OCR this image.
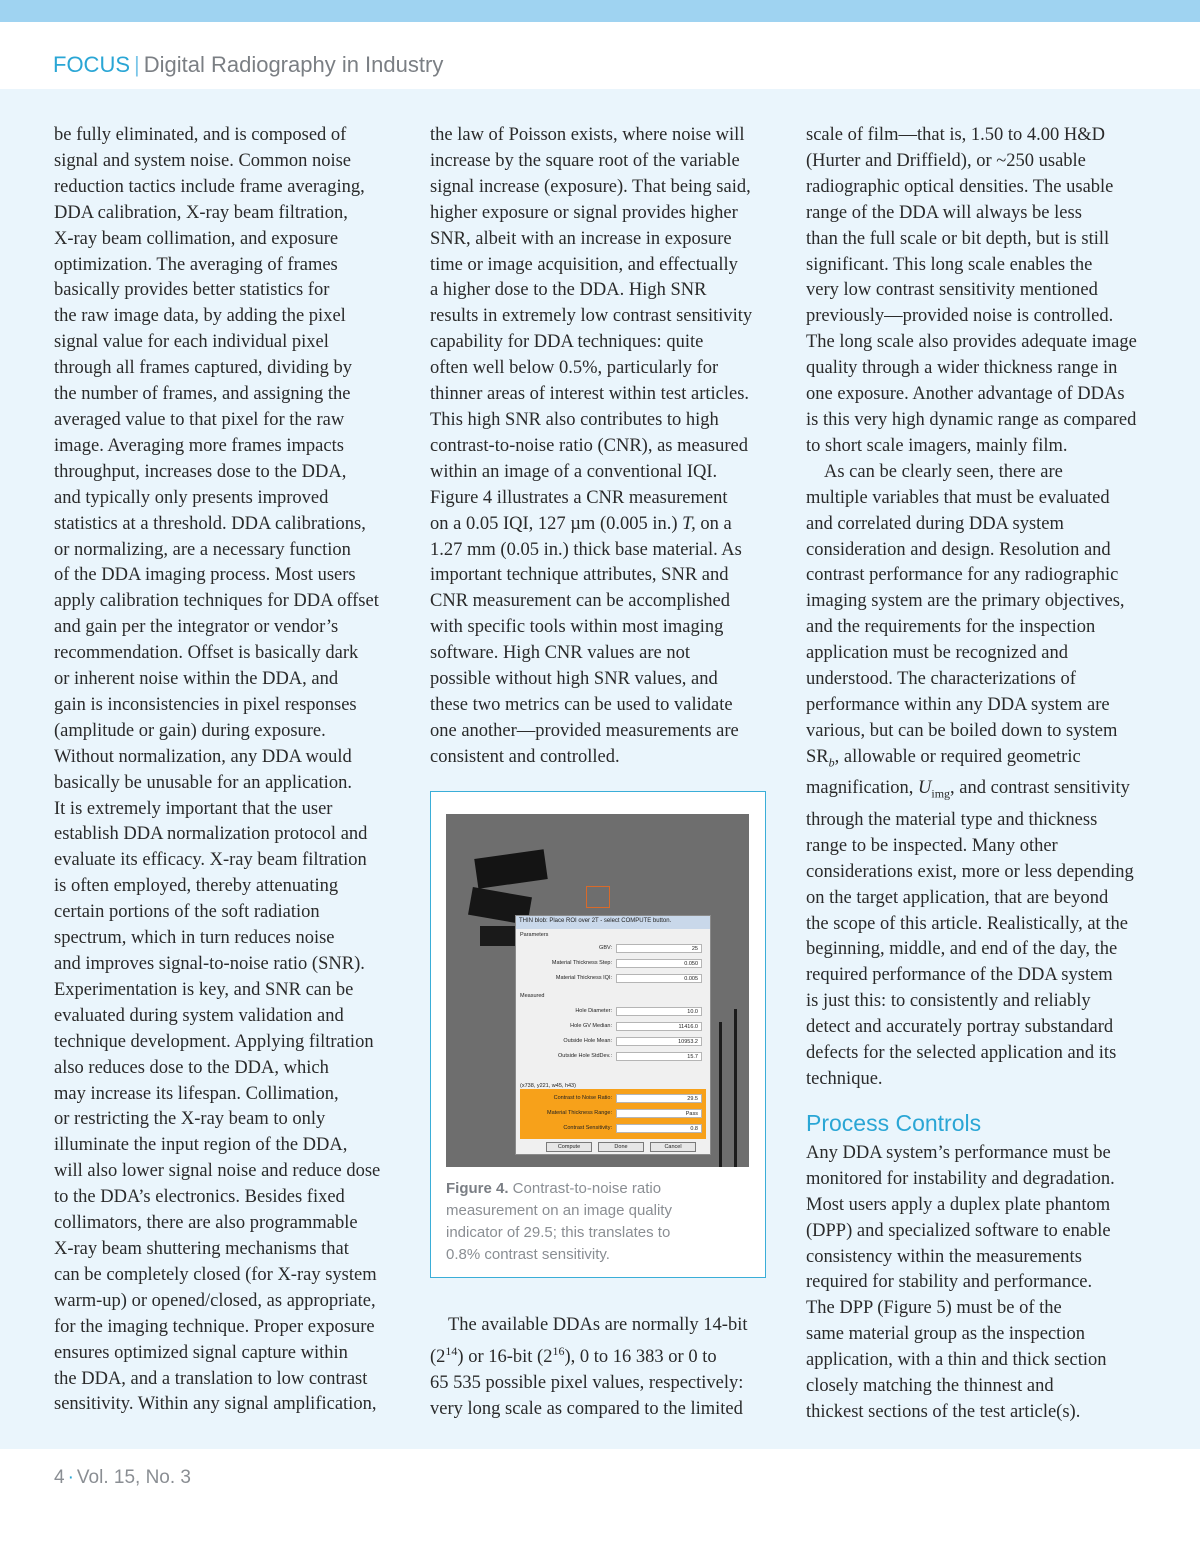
FOCUS | Digital Radiography in Industry

be fully eliminated, and is composed of

signal and system noise. Common noise

reduction tactics include frame averaging,

DDA calibration, X-ray beam filtration,

X-ray beam collimation, and exposure

optimization. The averaging of frames

basically provides better statistics for

the raw image data, by adding the pixel

signal value for each individual pixel

through all frames captured, dividing by

the number of frames, and assigning the

averaged value to that pixel for the raw

image. Averaging more frames impacts

throughput, increases dose to the DDA,

and typically only presents improved

statistics at a threshold. DDA calibrations,

or normalizing, are a necessary function

of the DDA imaging process. Most users

apply calibration techniques for DDA offset

and gain per the integrator or vendor’s

recommendation. Offset is basically dark

or inherent noise within the DDA, and

gain is inconsistencies in pixel responses

(amplitude or gain) during exposure.

Without normalization, any DDA would

basically be unusable for an application.

It is extremely important that the user

establish DDA normalization protocol and

evaluate its efficacy. X-ray beam filtration

is often employed, thereby attenuating

certain portions of the soft radiation

spectrum, which in turn reduces noise

and improves signal-to-noise ratio (SNR).

Experimentation is key, and SNR can be

evaluated during system validation and

technique development. Applying filtration

also reduces dose to the DDA, which

may increase its lifespan. Collimation,

or restricting the X-ray beam to only

illuminate the input region of the DDA,

will also lower signal noise and reduce dose

to the DDA’s electronics. Besides fixed

collimators, there are also programmable

X-ray beam shuttering mechanisms that

can be completely closed (for X-ray system

warm-up) or opened/closed, as appropriate,

for the imaging technique. Proper exposure

ensures optimized signal capture within

the DDA, and a translation to low contrast

sensitivity. Within any signal amplification,

the law of Poisson exists, where noise will

increase by the square root of the variable

signal increase (exposure). That being said,

higher exposure or signal provides higher

SNR, albeit with an increase in exposure

time or image acquisition, and effectually

a higher dose to the DDA. High SNR

results in extremely low contrast sensitivity

capability for DDA techniques: quite

often well below 0.5%, particularly for

thinner areas of interest within test articles.

This high SNR also contributes to high

contrast-to-noise ratio (CNR), as measured

within an image of a conventional IQI.

Figure 4 illustrates a CNR measurement

on a 0.05 IQI, 127 µm (0.005 in.) T, on a

1.27 mm (0.05 in.) thick base material. As

important technique attributes, SNR and

CNR measurement can be accomplished

with specific tools within most imaging

software. High CNR values are not

possible without high SNR values, and

these two metrics can be used to validate

one another—provided measurements are

consistent and controlled.

The available DDAs are normally 14-bit

$(2^{14})$ or 16-bit $(2^{16})$, 0 to 16 383 or 0 to

65 535 possible pixel values, respectively:

very long scale as compared to the limited

scale of film—that is, 1.50 to 4.00 H&D

(Hurter and Driffield), or ~250 usable

radiographic optical densities. The usable

range of the DDA will always be less

than the full scale or bit depth, but is still

significant. This long scale enables the

very low contrast sensitivity mentioned

previously—provided noise is controlled.

The long scale also provides adequate image

quality through a wider thickness range in

one exposure. Another advantage of DDAs

is this very high dynamic range as compared

to short scale imagers, mainly film.

As can be clearly seen, there are

multiple variables that must be evaluated

and correlated during DDA system

consideration and design. Resolution and

contrast performance for any radiographic

imaging system are the primary objectives,

and the requirements for the inspection

application must be recognized and

understood. The characterizations of

performance within any DDA system are

various, but can be boiled down to system

$SR_b$, allowable or required geometric

magnification, $U_{img}$, and contrast sensitivity

through the material type and thickness

range to be inspected. Many other

considerations exist, more or less depending

on the target application, that are beyond

the scope of this article. Realistically, at the

beginning, middle, and end of the day, the

required performance of the DDA system

is just this: to consistently and reliably

detect and accurately portray substandard

defects for the selected application and its

technique.

Process Controls

Any DDA system’s performance must be

monitored for instability and degradation.

Most users apply a duplex plate phantom

(DPP) and specialized software to enable

consistency within the measurements

required for stability and performance.

The DPP (Figure 5) must be of the

same material group as the inspection

application, with a thin and thick section

closely matching the thinnest and

thickest sections of the test article(s).

THIN blob: Place ROI over 2T - select COMPUTE button.
Parameters
Measured
(x738, y221, w45, h43)
Compute	Done	Cancel
GBV:	25
Material Thickness Step:	0.050
Material Thickness IQI:	0.005
Hole Diameter:	10.0
Hole GV Median:	11416.0
Outside Hole Mean:	10953.2
Outside Hole StdDev.:	15.7
Contrast to Noise Ratio:	29.5
Material Thickness Range:	Pass
Contrast Sensitivity:	0.8

Figure 4. Contrast-to-noise ratio

measurement on an image quality

indicator of 29.5; this translates to

0.8% contrast sensitivity.

4 · Vol. 15, No. 3
